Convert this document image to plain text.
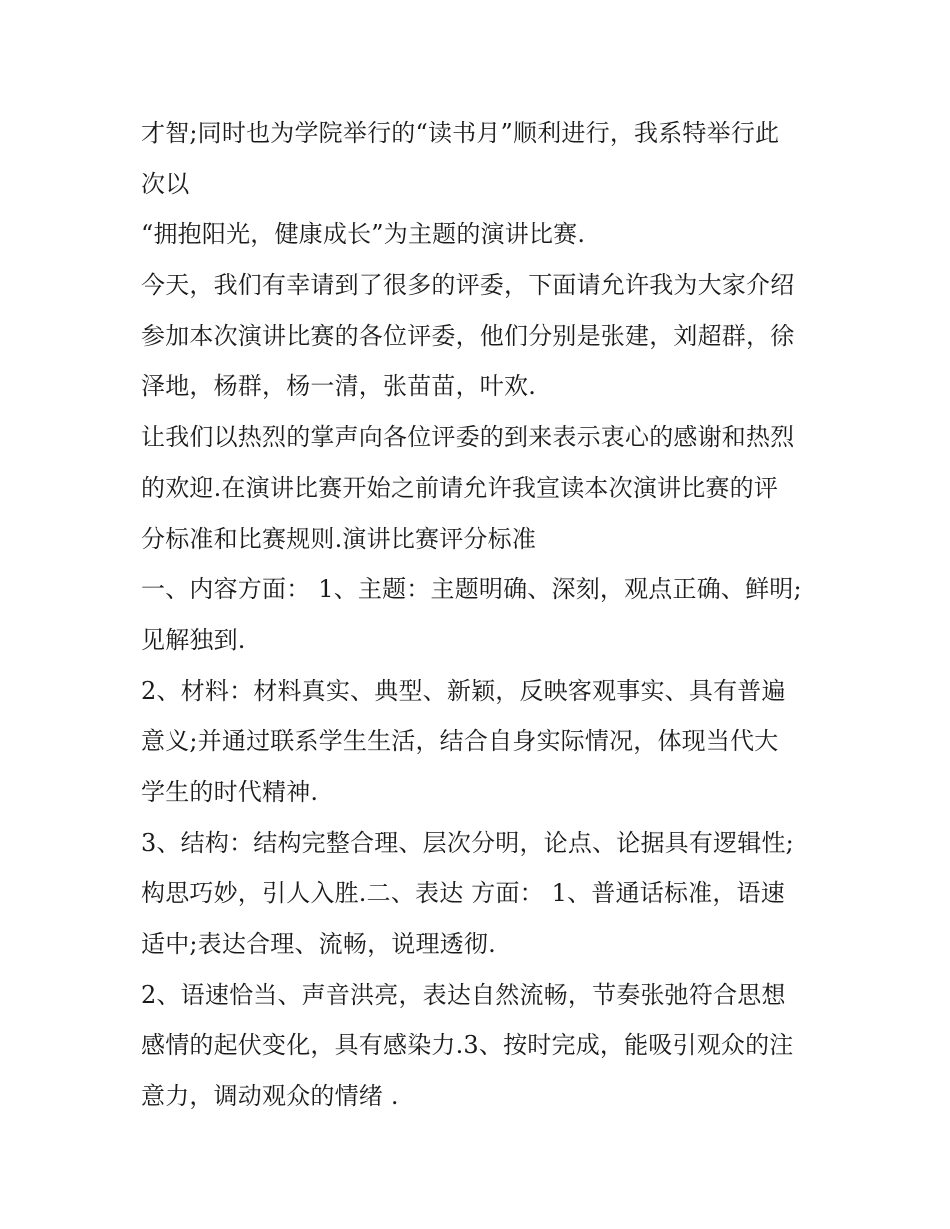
才智;同时也为学院举行的“读书月”顺利进行，我系特举行此
次以
“拥抱阳光，健康成长”为主题的演讲比赛.
今天，我们有幸请到了很多的评委，下面请允许我为大家介绍
参加本次演讲比赛的各位评委，他们分别是张建，刘超群，徐
泽地，杨群，杨一清，张苗苗，叶欢.
让我们以热烈的掌声向各位评委的到来表示衷心的感谢和热烈
的欢迎.在演讲比赛开始之前请允许我宣读本次演讲比赛的评
分标准和比赛规则.演讲比赛评分标准
一、内容方面： 1、主题：主题明确、深刻，观点正确、鲜明;
见解独到.
2、材料：材料真实、典型、新颖，反映客观事实、具有普遍
意义;并通过联系学生生活，结合自身实际情况，体现当代大
学生的时代精神.
3、结构：结构完整合理、层次分明，论点、论据具有逻辑性;
构思巧妙，引人入胜.二、表达 方面： 1、普通话标准，语速
适中;表达合理、流畅，说理透彻.
2、语速恰当、声音洪亮，表达自然流畅，节奏张弛符合思想
感情的起伏变化，具有感染力.3、按时完成，能吸引观众的注
意力，调动观众的情绪 .
